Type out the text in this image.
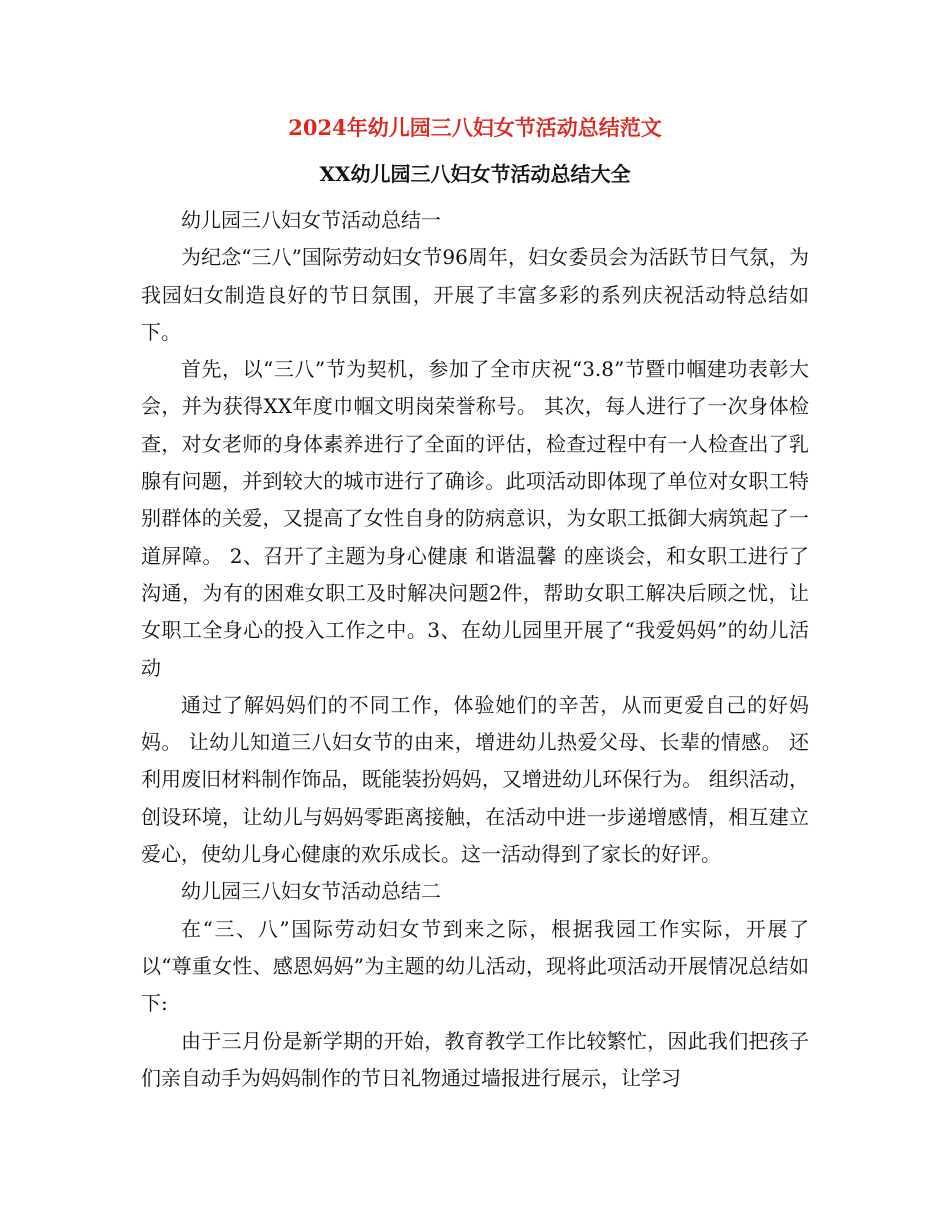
2024年幼儿园三八妇女节活动总结范文
XX幼儿园三八妇女节活动总结大全

幼儿园三八妇女节活动总结一

为纪念“三八”国际劳动妇女节96周年，妇女委员会为活跃节日气氛，为我园妇女制造良好的节日氛围，开展了丰富多彩的系列庆祝活动特总结如下。

首先，以“三八”节为契机，参加了全市庆祝“3.8”节暨巾帼建功表彰大会，并为获得XX年度巾帼文明岗荣誉称号。 其次，每人进行了一次身体检查，对女老师的身体素养进行了全面的评估，检查过程中有一人检查出了乳腺有问题，并到较大的城市进行了确诊。此项活动即体现了单位对女职工特别群体的关爱，又提高了女性自身的防病意识，为女职工抵御大病筑起了一道屏障。 2、召开了主题为身心健康 和谐温馨 的座谈会，和女职工进行了沟通，为有的困难女职工及时解决问题2件，帮助女职工解决后顾之忧，让女职工全身心的投入工作之中。3、在幼儿园里开展了“我爱妈妈”的幼儿活动

通过了解妈妈们的不同工作，体验她们的辛苦，从而更爱自己的好妈妈。 让幼儿知道三八妇女节的由来，增进幼儿热爱父母、长辈的情感。 还利用废旧材料制作饰品，既能装扮妈妈，又增进幼儿环保行为。 组织活动，创设环境，让幼儿与妈妈零距离接触，在活动中进一步递增感情，相互建立爱心，使幼儿身心健康的欢乐成长。这一活动得到了家长的好评。

幼儿园三八妇女节活动总结二

在“三、八”国际劳动妇女节到来之际，根据我园工作实际，开展了以“尊重女性、感恩妈妈”为主题的幼儿活动，现将此项活动开展情况总结如下:

由于三月份是新学期的开始，教育教学工作比较繁忙，因此我们把孩子们亲自动手为妈妈制作的节日礼物通过墙报进行展示，让学习
